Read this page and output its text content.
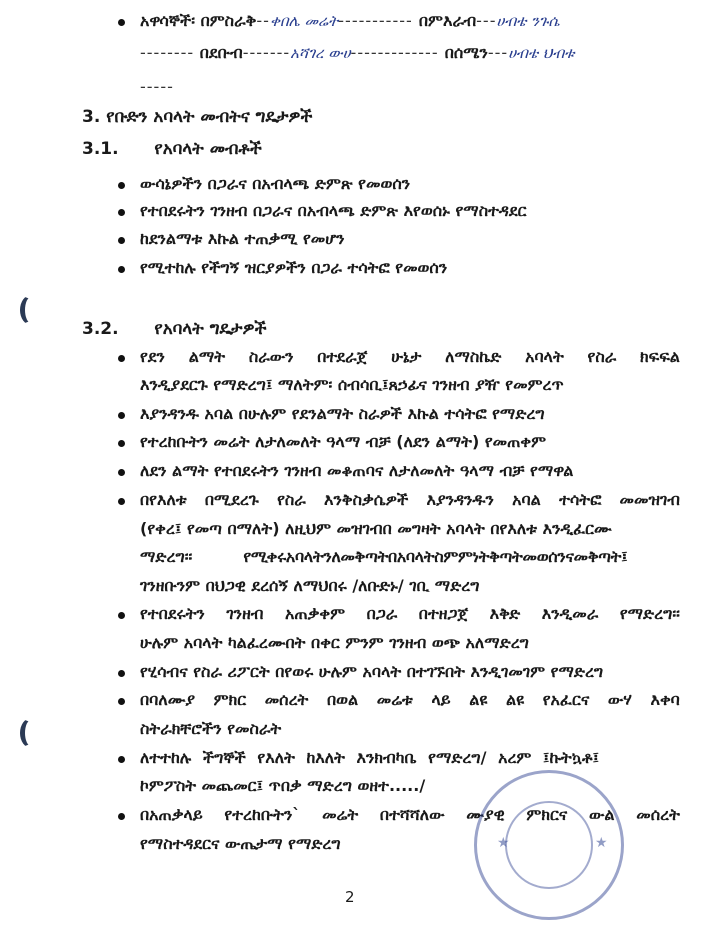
አዋሳኞች፡ በምስራቅ--ቀበሌ መሬት----------- በምእራብ---ሀብቴ ንጉሴ
-------- በደቡብ-------አሻገረ ውሀ------------- በሰሜን---ሀብቴ ህብቱ
-----
3. የቡድን አባላት መብትና ግዴታዎች
3.1. የአባላት መብቶች
ውሳኔዎችን በጋራና በአብላጫ ድምጽ የመወሰን
የተበደሩትን ገንዘብ በጋራና በአብላጫ ድምጽ እየወሰኑ የማስተዳደር
ከደንልማቱ እኩል ተጠቃሚ የመሆን
የሚተከሉ የችግኝ ዝርያዎችን በጋራ ተሳትፎ የመወሰን
3.2. የአባላት ግዴታዎች
የደን ልማት ስራውን በተደራጀ ሁኔታ ለማስኬድ አባላት የስራ ክፍፍል
እንዲያደርጉ የማድረግ፤ ማለትም፡ ሰብሳቢ፤ጸኃፊና ገንዘብ ያዥ የመምረጥ
እያንዳንዱ አባል በሁሉም የደንልማት ስራዎች እኩል ተሳትፎ የማድረግ
የተረከቡትን መሬት ለታለመለት ዓላማ ብቻ (ለደን ልማት) የመጠቀም
ለደን ልማት የተበደሩትን ገንዘብ መቆጠባና ለታለመለት ዓላማ ብቻ የማዋል
በየእለቱ በሚደረጉ የስራ እንቅስቃሴዎች እያንዳንዱን አባል ተሳትፎ መመዝገብ
(የቀረ፤ የመጣ በማለት) ለዚህም መዝገብበ መግዛት አባላት በየእለቱ እንዲፈርሙ
ማድረግ፡፡	የሚቀሩአባላትንለመቅጣትበአባላትስምምነትቅጣትመወሰንናመቅጣት፤
ገንዘቡንም በህጋዊ ደረሰኝ ለማህበሩ /ለቡድኑ/ ገቢ ማድረግ
የተበደሩትን ገንዘብ አጠቃቀም በጋራ በተዘጋጀ እቅድ እንዲመራ የማድረግ፡፡
ሁሉም አባላት ካልፈረሙበት በቀር ምንም ገንዘብ ወጭ አለማድረግ
የሂሳብና የስራ ሪፖርት በየወሩ ሁሉም አባላት በተገኙበት እንዲገመገም የማድረግ
በባለሙያ ምክር መሰረት በወል መሬቱ ላይ ልዩ ልዩ የአፈርና ውሃ እቀባ
ስትራክቸሮችን የመስራት
ለተተከሉ ችግኞች የእለት ከእለት እንክብካቤ የማድረግ/ አረም ፤ኩትኳቶ፤
ኮምፖስት መጨመር፤ ጥበቃ ማድረግ ወዘተ...../
በአጠቃላይ የተረከቡትን` መሬት በተሻሻለው ሙያዊ ምክርና ውል መሰረት
የማስተዳደርና ውጤታማ የማድረግ	★	★
2
